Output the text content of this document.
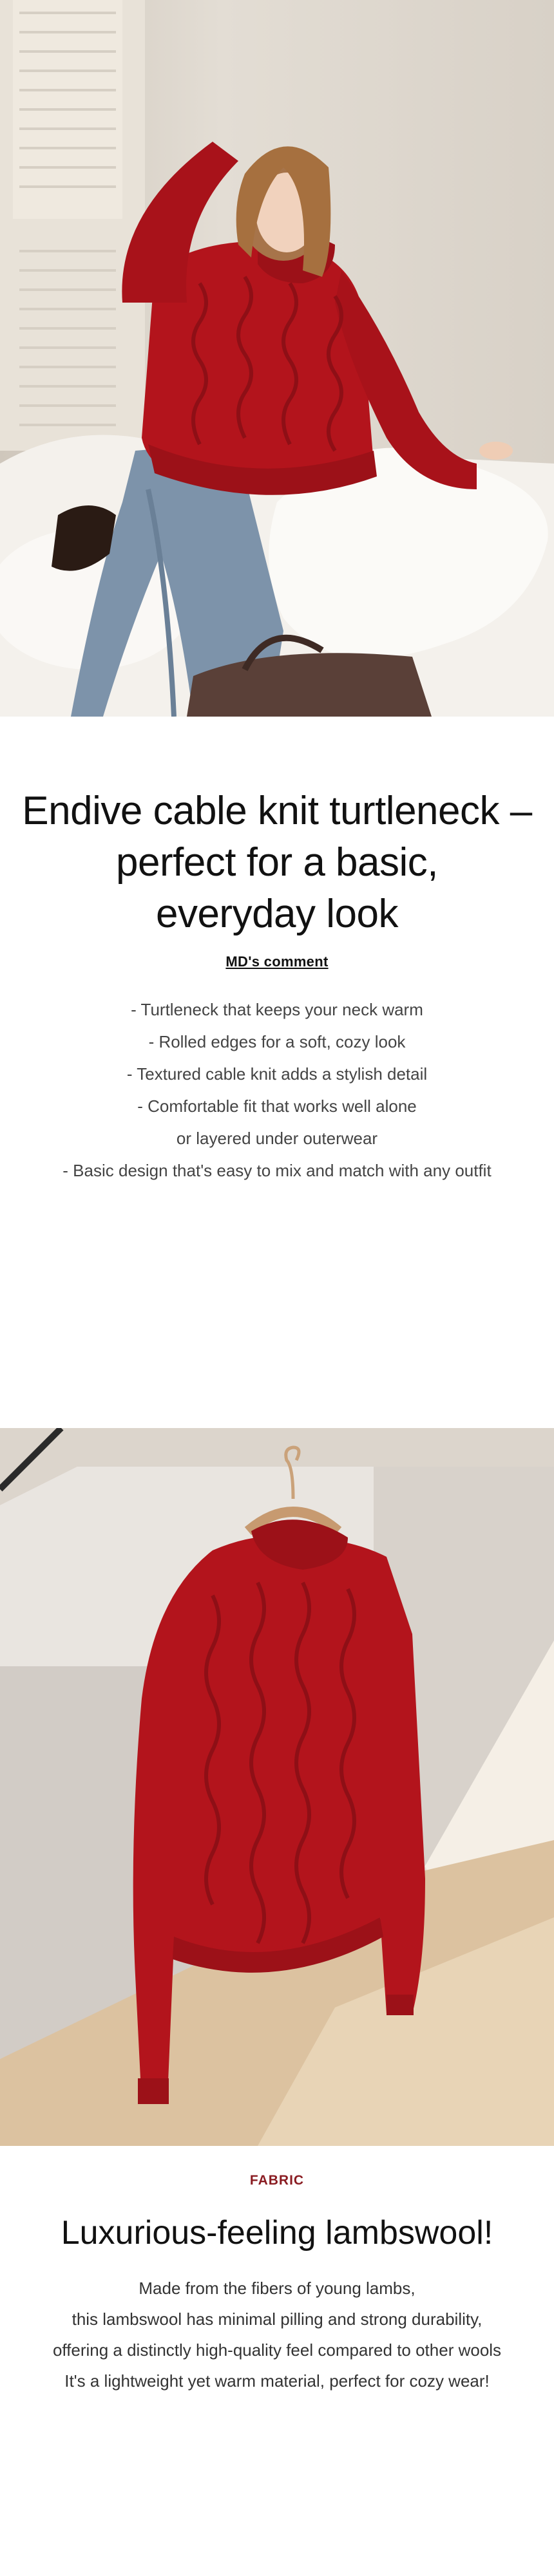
Endive cable knit turtleneck –
perfect for a basic,
everyday look
MD's comment
- Turtleneck that keeps your neck warm
- Rolled edges for a soft, cozy look
- Textured cable knit adds a stylish detail
- Comfortable fit that works well alone
or layered under outerwear
- Basic design that's easy to mix and match with any outfit
FABRIC
Luxurious-feeling lambswool!
Made from the fibers of young lambs,
this lambswool has minimal pilling and strong durability,
offering a distinctly high-quality feel compared to other wools
It's a lightweight yet warm material, perfect for cozy wear!
